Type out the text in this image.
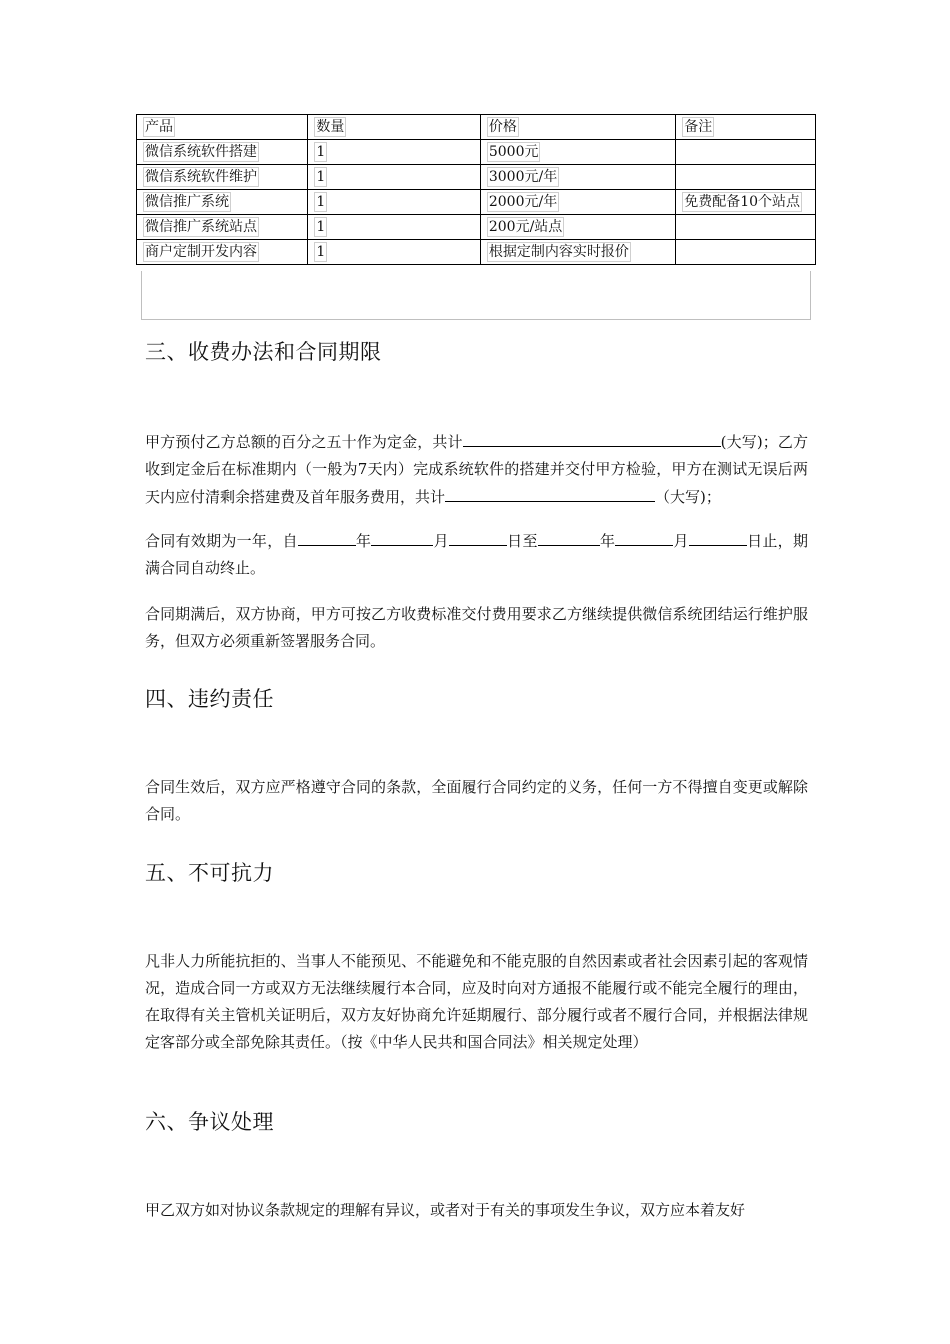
产品	数量	价格	备注
微信系统软件搭建	1	5000元	
微信系统软件维护	1	3000元/年	
微信推广系统	1	2000元/年	免费配备10个站点
微信推广系统站点	1	200元/站点	
商户定制开发内容	1	根据定制内容实时报价	
三、收费办法和合同期限

甲方预付乙方总额的百分之五十作为定金，共计	(大写)；乙方收到定金后在标准期内（一般为7天内）完成系统软件的搭建并交付甲方检验，甲方在测试无误后两天内应付清剩余搭建费及首年服务费用，共计	（大写)；

合同有效期为一年，自	年	月	日至	年	月	日止，期满合同自动终止。

合同期满后，双方协商，甲方可按乙方收费标准交付费用要求乙方继续提供微信系统团结运行维护服务，但双方必须重新签署服务合同。

四、违约责任

合同生效后，双方应严格遵守合同的条款，全面履行合同约定的义务，任何一方不得擅自变更或解除合同。

五、不可抗力

凡非人力所能抗拒的、当事人不能预见、不能避免和不能克服的自然因素或者社会因素引起的客观情况，造成合同一方或双方无法继续履行本合同，应及时向对方通报不能履行或不能完全履行的理由，在取得有关主管机关证明后，双方友好协商允许延期履行、部分履行或者不履行合同，并根据法律规定客部分或全部免除其责任。（按《中华人民共和国合同法》相关规定处理）

六、争议处理

甲乙双方如对协议条款规定的理解有异议，或者对于有关的事项发生争议，双方应本着友好
